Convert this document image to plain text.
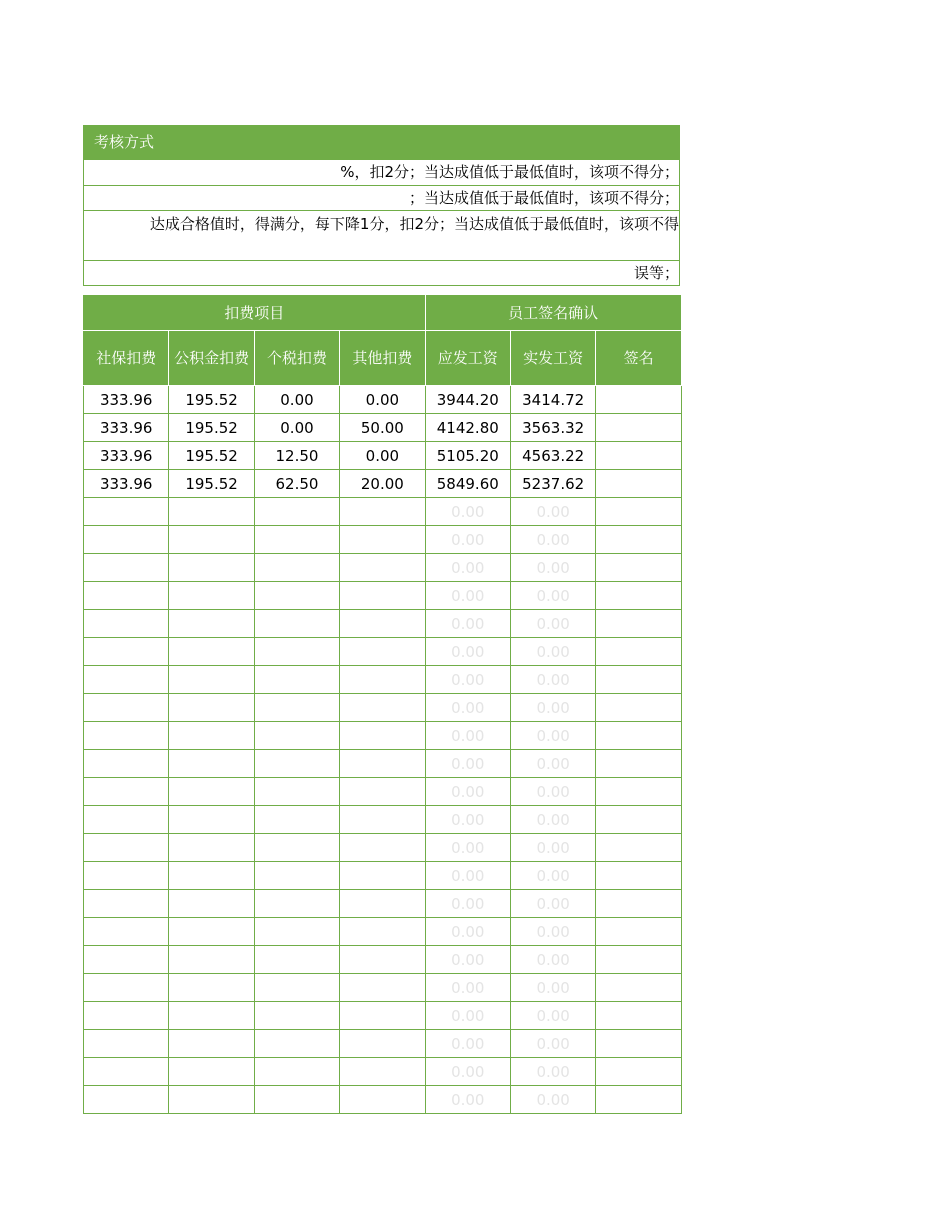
考核方式
%，扣2分；当达成值低于最低值时，该项不得分；
；当达成值低于最低值时，该项不得分；
达成合格值时，得满分，每下降1分，扣2分；当达成值低于最低值时，该项不得
误等；
扣费项目				员工签名确认		
社保扣费	公积金扣费	个税扣费	其他扣费	应发工资	实发工资	签名
333.96	195.52	0.00	0.00	3944.20	3414.72	
333.96	195.52	0.00	50.00	4142.80	3563.32	
333.96	195.52	12.50	0.00	5105.20	4563.22	
333.96	195.52	62.50	20.00	5849.60	5237.62	
				0.00	0.00	
				0.00	0.00	
				0.00	0.00	
				0.00	0.00	
				0.00	0.00	
				0.00	0.00	
				0.00	0.00	
				0.00	0.00	
				0.00	0.00	
				0.00	0.00	
				0.00	0.00	
				0.00	0.00	
				0.00	0.00	
				0.00	0.00	
				0.00	0.00	
				0.00	0.00	
				0.00	0.00	
				0.00	0.00	
				0.00	0.00	
				0.00	0.00	
				0.00	0.00	
				0.00	0.00	
